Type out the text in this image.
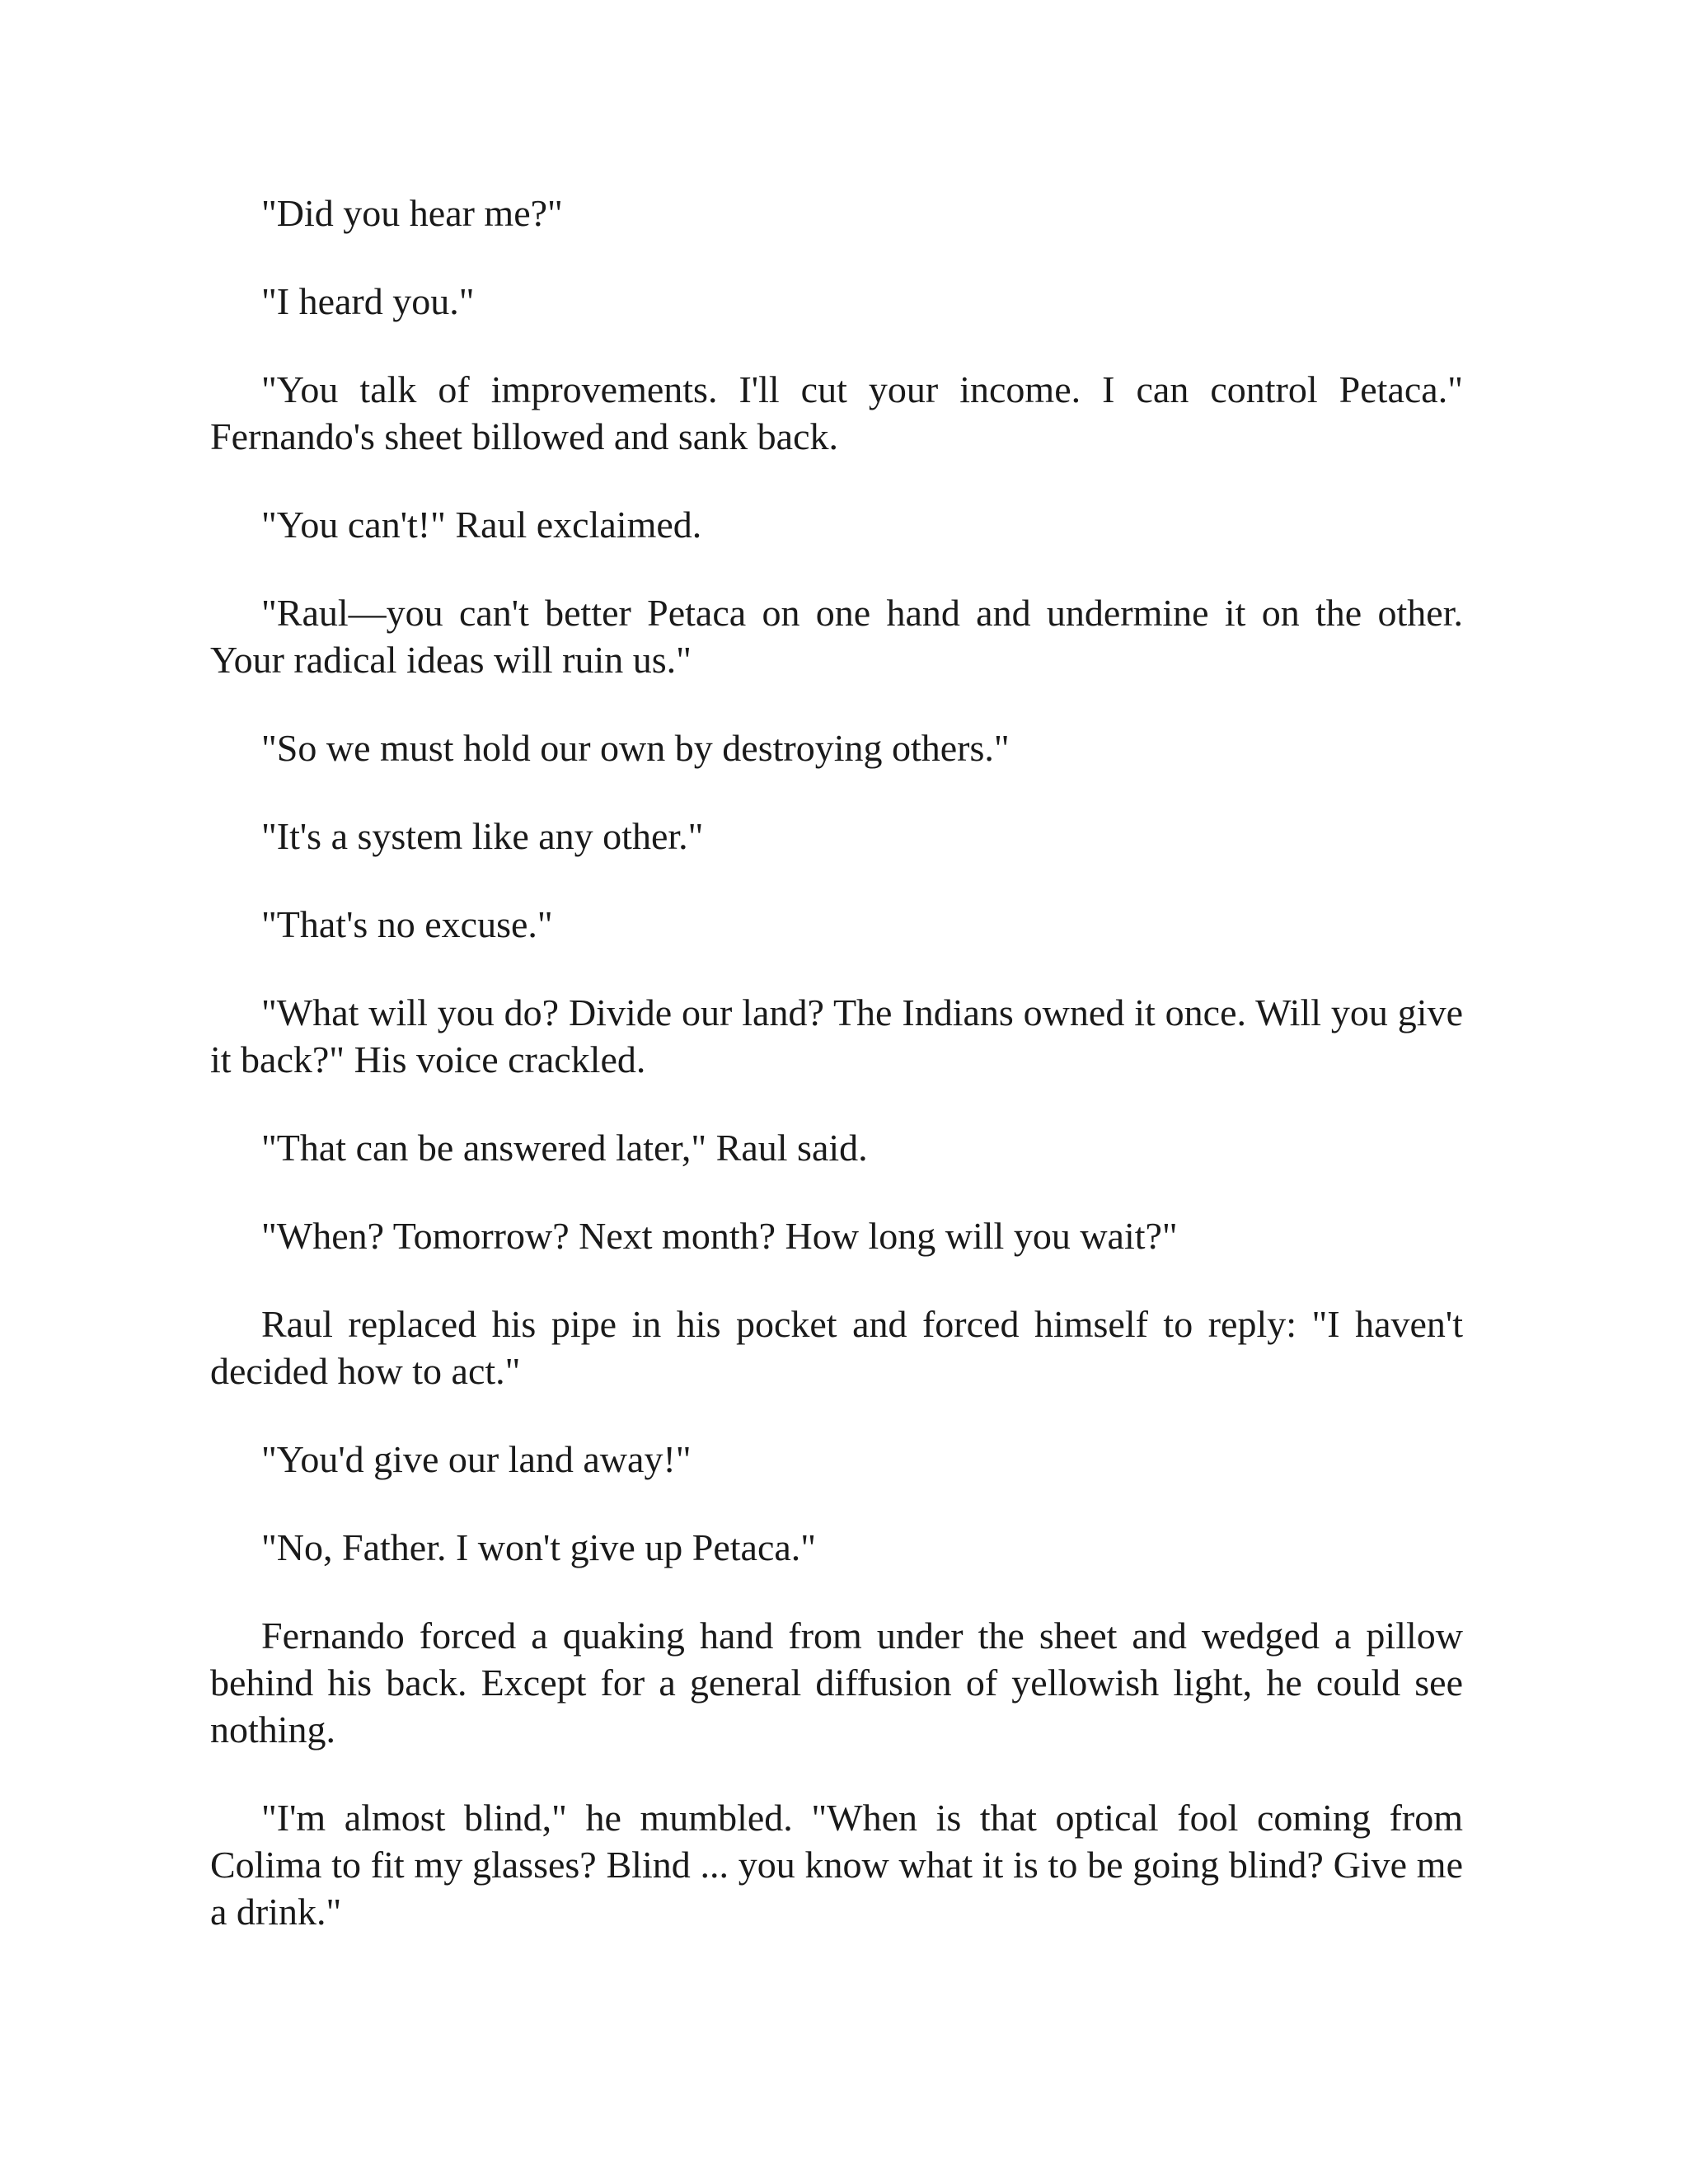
"Did you hear me?"

"I heard you."

"You talk of improvements. I'll cut your income. I can control Petaca." Fernando's sheet billowed and sank back.

"You can't!" Raul exclaimed.

"Raul—you can't better Petaca on one hand and undermine it on the other. Your radical ideas will ruin us."

"So we must hold our own by destroying others."

"It's a system like any other."

"That's no excuse."

"What will you do? Divide our land? The Indians owned it once. Will you give it back?" His voice crackled.

"That can be answered later," Raul said.

"When? Tomorrow? Next month? How long will you wait?"

Raul replaced his pipe in his pocket and forced himself to reply: "I haven't decided how to act."

"You'd give our land away!"

"No, Father. I won't give up Petaca."

Fernando forced a quaking hand from under the sheet and wedged a pillow behind his back. Except for a general diffusion of yellowish light, he could see nothing.

"I'm almost blind," he mumbled. "When is that optical fool coming from Colima to fit my glasses? Blind ... you know what it is to be going blind? Give me a drink."
